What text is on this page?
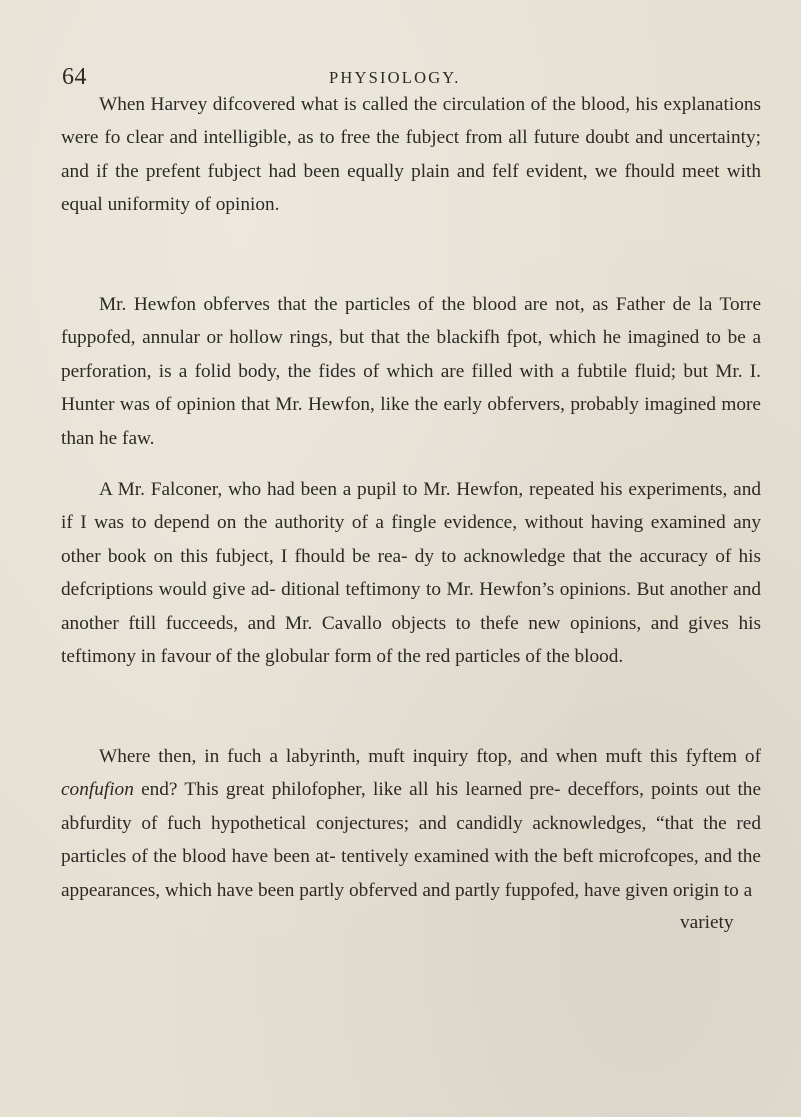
64	PHYSIOLOGY.

When Harvey difcovered what is called the circulation of the blood, his explanations were fo clear and intelligible, as to free the fubject from all future doubt and uncertainty; and if the prefent fubject had been equally plain and felf evident, we fhould meet with equal uniformity of opinion.

Mr. Hewfon obferves that the particles of the blood are not, as Father de la Torre fuppofed, annular or hollow rings, but that the blackifh fpot, which he imagined to be a perforation, is a folid body, the fides of which are filled with a fubtile fluid; but Mr. I. Hunter was of opinion that Mr. Hewfon, like the early obfervers, probably imagined more than he faw.

A Mr. Falconer, who had been a pupil to Mr. Hewfon, repeated his experiments, and if I was to depend on the authority of a fingle evidence, without having examined any other book on this fubject, I fhould be rea- dy to acknowledge that the accuracy of his defcriptions would give ad- ditional teftimony to Mr. Hewfon’s opinions. But another and another ftill fucceeds, and Mr. Cavallo objects to thefe new opinions, and gives his teftimony in favour of the globular form of the red particles of the blood.

Where then, in fuch a labyrinth, muft inquiry ftop, and when muft this fyftem of confufion end? This great philofopher, like all his learned pre- deceffors, points out the abfurdity of fuch hypothetical conjectures; and candidly acknowledges, “that the red particles of the blood have been at- tentively examined with the beft microfcopes, and the appearances, which have been partly obferved and partly fuppofed, have given origin to a

variety
